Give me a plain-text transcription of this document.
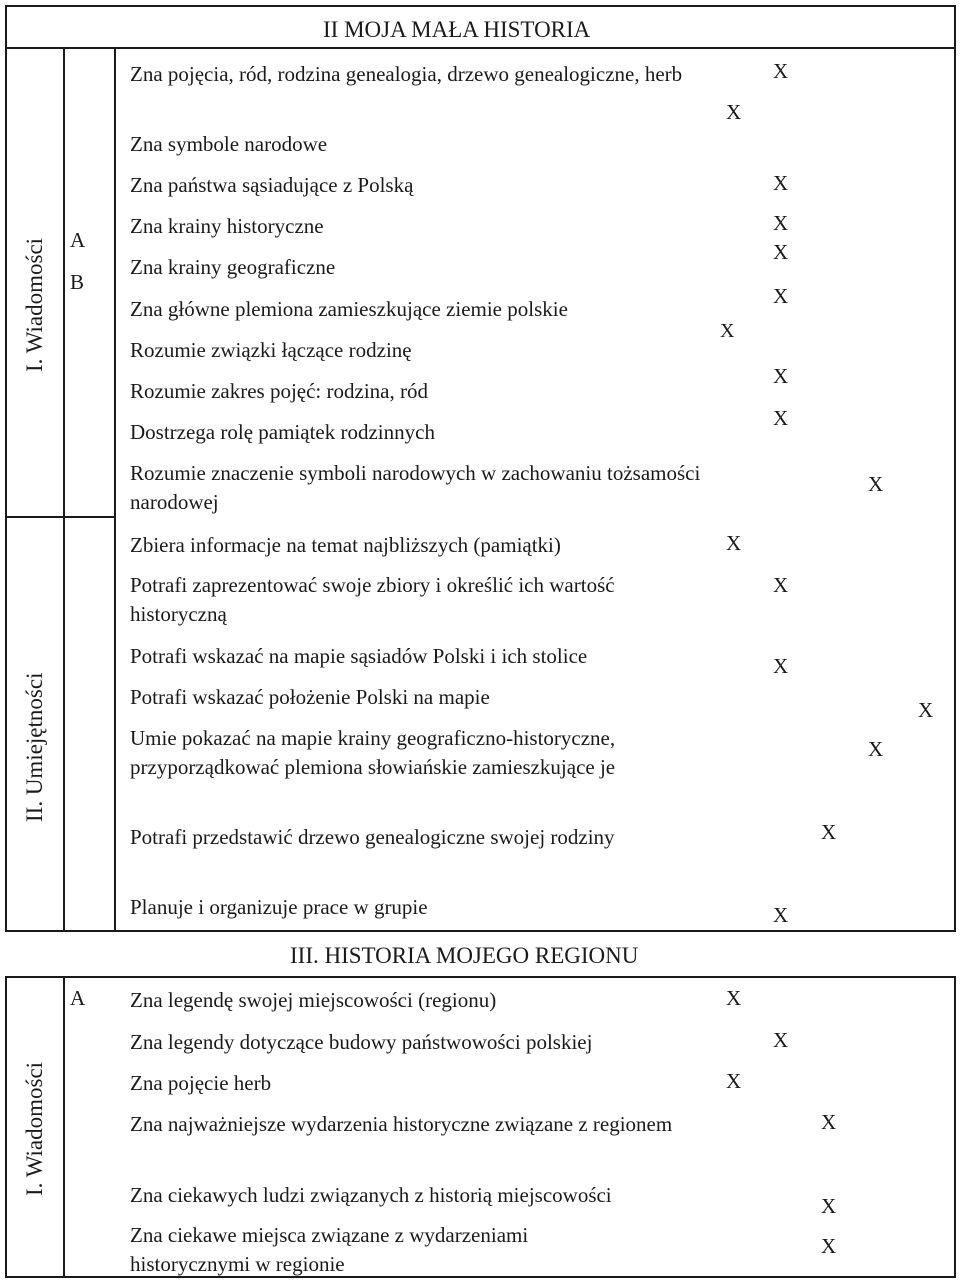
II MOJA MAŁA HISTORIA
I. Wiadomości
II. Umiejętności
A
B
Zna pojęcia, ród, rodzina genealogia, drzewo genealogiczne, herb
Zna symbole narodowe
Zna państwa sąsiadujące z Polską
Zna krainy historyczne
Zna krainy geograficzne
Zna główne plemiona zamieszkujące ziemie polskie
Rozumie związki łączące rodzinę
Rozumie zakres pojęć: rodzina, ród
Dostrzega rolę pamiątek rodzinnych
Rozumie znaczenie symboli narodowych w zachowaniu tożsamości narodowej
Zbiera informacje na temat najbliższych (pamiątki)
Potrafi zaprezentować swoje zbiory i określić ich wartość historyczną
Potrafi wskazać na mapie sąsiadów Polski i ich stolice
Potrafi wskazać położenie Polski na mapie
Umie pokazać na mapie krainy geograficzno-historyczne, przyporządkować plemiona słowiańskie zamieszkujące je
Potrafi przedstawić drzewo genealogiczne swojej rodziny
Planuje i organizuje prace w grupie
X
X
X
X
X
X
X
X
X
X
X
X
X
X
X
X
X
III. HISTORIA MOJEGO REGIONU
I. Wiadomości
A Zna legendę swojej miejscowości (regionu)
Zna legendy dotyczące budowy państwowości polskiej
Zna pojęcie herb
Zna najważniejsze wydarzenia historyczne związane z regionem
Zna ciekawych ludzi związanych z historią miejscowości
Zna ciekawe miejsca związane z wydarzeniami historycznymi w regionie
X
X
X
X
X
X
